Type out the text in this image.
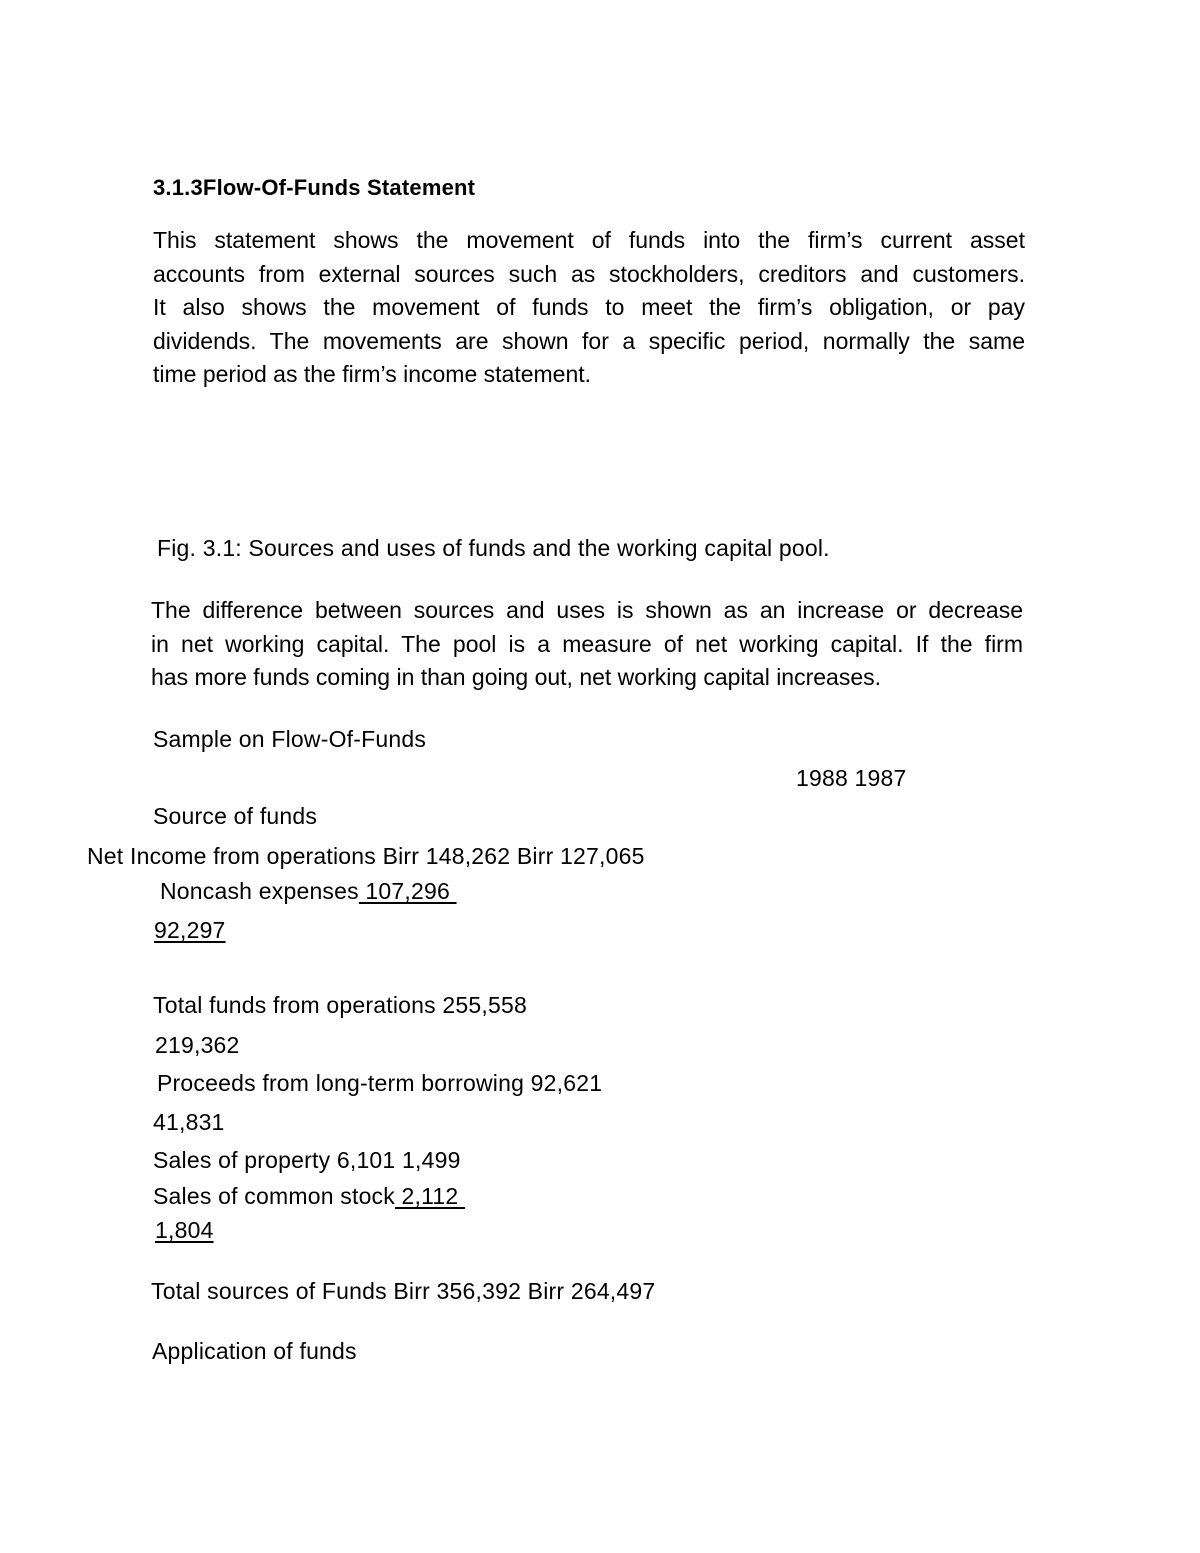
3.1.3Flow-Of-Funds Statement
This statement shows the movement of funds into the firm’s current asset
accounts from external sources such as stockholders, creditors and customers.
It also shows the movement of funds to meet the firm’s obligation, or pay
dividends. The movements are shown for a specific period, normally the same
time period as the firm’s income statement.
Fig. 3.1: Sources and uses of funds and the working capital pool.
The difference between sources and uses is shown as an increase or decrease
in net working capital. The pool is a measure of net working capital. If the firm
has more funds coming in than going out, net working capital increases.
Sample on Flow-Of-Funds
1988 1987
Source of funds
Net Income from operations Birr 148,262 Birr 127,065
Noncash expenses 107,296
92,297
Total funds from operations 255,558
219,362
Proceeds from long-term borrowing 92,621
41,831
Sales of property 6,101 1,499
Sales of common stock 2,112
1,804
Total sources of Funds Birr 356,392 Birr 264,497
Application of funds
